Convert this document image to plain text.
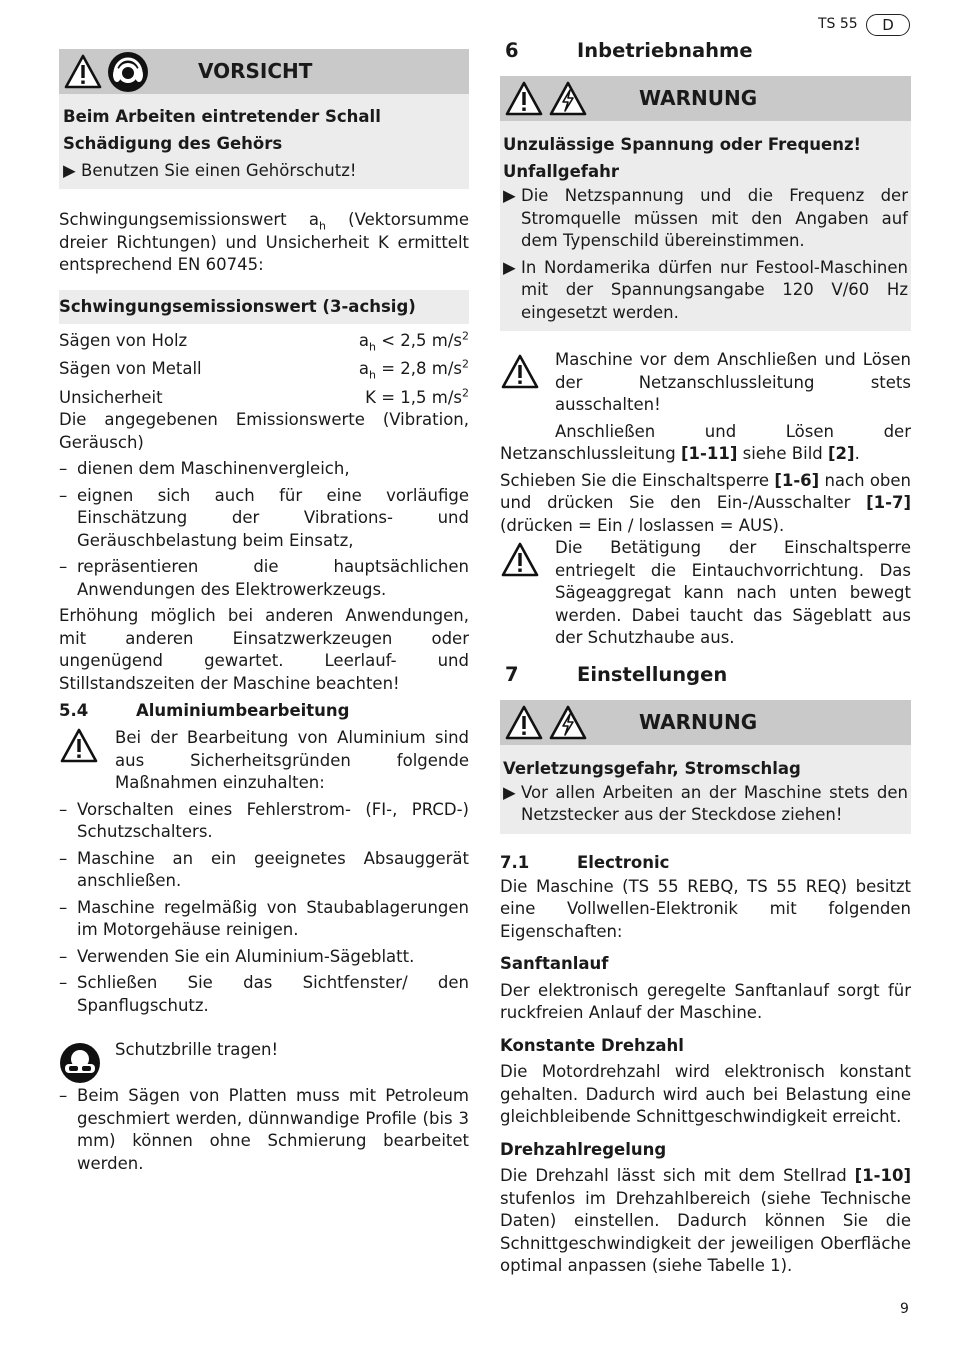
TS 55	D
VORSICHT
Beim Arbeiten eintretender Schall
Schädigung des Gehörs
▶ Benutzen Sie einen Gehörschutz!

Schwingungsemissionswert $a_h$ (Vektorsumme dreier Richtungen) und Unsicherheit K ermittelt entsprechend EN 60745:

Schwingungsemissionswert (3-achsig)
Sägen von Holz	$a_h < 2,5$ $m/s^2$
Sägen von Metall	$a_h = 2,8$ $m/s^2$
Unsicherheit	K = 1,5 $m/s^2$

Die angegebenen Emissionswerte (Vibration, Geräusch)

– dienen dem Maschinenvergleich,
– eignen sich auch für eine vorläufige Einschätzung der Vibrations- und Geräuschbelastung beim Einsatz,
– repräsentieren die hauptsächlichen Anwendungen des Elektrowerkzeugs.

Erhöhung möglich bei anderen Anwendungen, mit anderen Einsatzwerkzeugen oder ungenügend gewartet. Leerlauf- und Stillstandszeiten der Maschine beachten!

5.4	Aluminiumbearbeitung

Bei der Bearbeitung von Aluminium sind aus Sicherheitsgründen folgende Maßnahmen einzuhalten:

– Vorschalten eines Fehlerstrom- (FI-, PRCD-) Schutzschalters.
– Maschine an ein geeignetes Absauggerät anschließen.
– Maschine regelmäßig von Staubablagerungen im Motorgehäuse reinigen.
– Verwenden Sie ein Aluminium-Sägeblatt.
– Schließen Sie das Sichtfenster/ den Spanflugschutz.

Schutzbrille tragen!

– Beim Sägen von Platten muss mit Petroleum geschmiert werden, dünnwandige Profile (bis 3 mm) können ohne Schmierung bearbeitet werden.
6	Inbetriebnahme
WARNUNG
Unzulässige Spannung oder Frequenz!
Unfallgefahr
▶ Die Netzspannung und die Frequenz der Stromquelle müssen mit den Angaben auf dem Typenschild übereinstimmen.
▶ In Nordamerika dürfen nur Festool-Maschinen mit der Spannungsangabe 120 V/60 Hz eingesetzt werden.

Maschine vor dem Anschließen und Lösen der Netzanschlussleitung stets ausschalten!

Anschließen und Lösen der Netzanschlussleitung [1-11] siehe Bild [2].

Schieben Sie die Einschaltsperre [1-6] nach oben und drücken Sie den Ein-/Ausschalter [1-7] (drücken = Ein / loslassen = AUS).

Die Betätigung der Einschaltsperre entriegelt die Eintauchvorrichtung. Das Sägeaggregat kann nach unten bewegt werden. Dabei taucht das Sägeblatt aus der Schutzhaube aus.

7	Einstellungen
WARNUNG
Verletzungsgefahr, Stromschlag
▶ Vor allen Arbeiten an der Maschine stets den Netzstecker aus der Steckdose ziehen!
7.1	Electronic

Die Maschine (TS 55 REBQ, TS 55 REQ) besitzt eine Vollwellen-Elektronik mit folgenden Eigenschaften:

Sanftanlauf

Der elektronisch geregelte Sanftanlauf sorgt für ruckfreien Anlauf der Maschine.

Konstante Drehzahl

Die Motordrehzahl wird elektronisch konstant gehalten. Dadurch wird auch bei Belastung eine gleichbleibende Schnittgeschwindigkeit erreicht.

Drehzahlregelung

Die Drehzahl lässt sich mit dem Stellrad [1-10] stufenlos im Drehzahlbereich (siehe Technische Daten) einstellen. Dadurch können Sie die Schnittgeschwindigkeit der jeweiligen Oberfläche optimal anpassen (siehe Tabelle 1).

9
